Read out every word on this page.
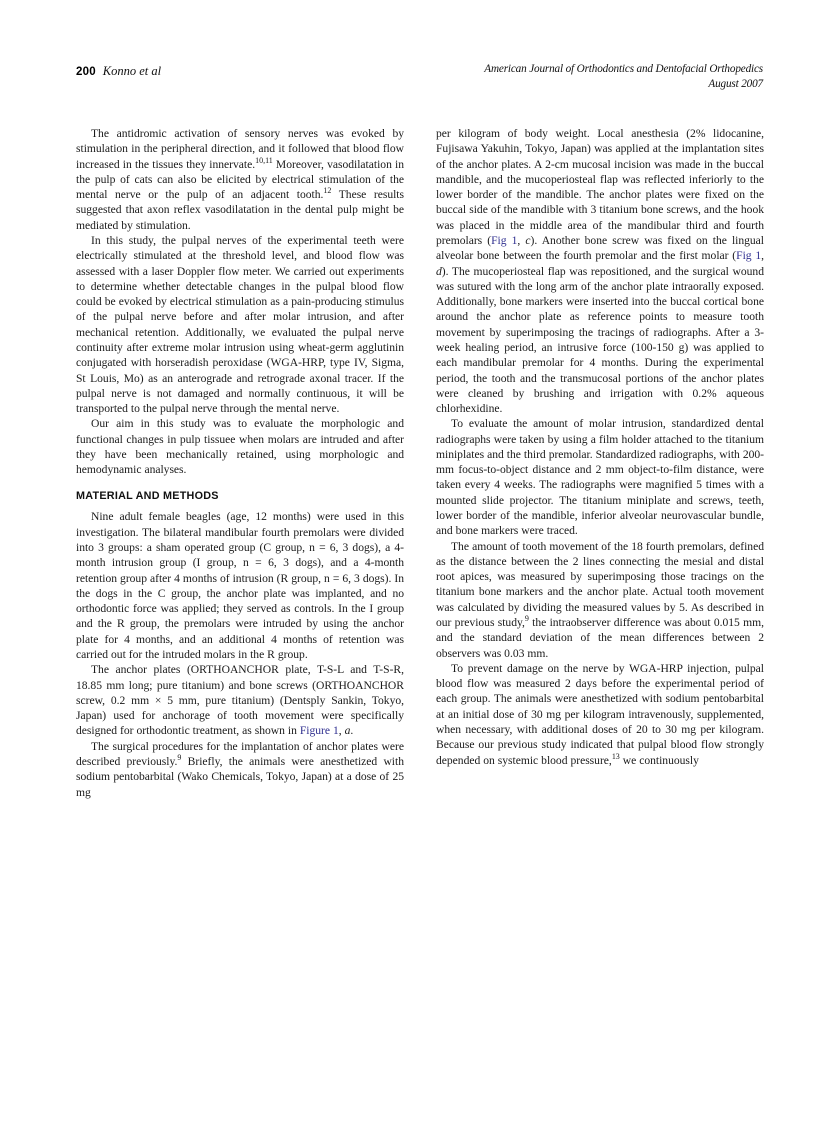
200 Konno et al	American Journal of Orthodontics and Dentofacial Orthopedics
August 2007

The antidromic activation of sensory nerves was evoked by stimulation in the peripheral direction, and it followed that blood flow increased in the tissues they innervate.$^{10,11}$ Moreover, vasodilatation in the pulp of cats can also be elicited by electrical stimulation of the mental nerve or the pulp of an adjacent tooth.$^{12}$ These results suggested that axon reflex vasodilatation in the dental pulp might be mediated by stimulation.

In this study, the pulpal nerves of the experimental teeth were electrically stimulated at the threshold level, and blood flow was assessed with a laser Doppler flow meter. We carried out experiments to determine whether detectable changes in the pulpal blood flow could be evoked by electrical stimulation as a pain-producing stimulus of the pulpal nerve before and after molar intrusion, and after mechanical retention. Additionally, we evaluated the pulpal nerve continuity after extreme molar intrusion using wheat-germ agglutinin conjugated with horseradish peroxidase (WGA-HRP, type IV, Sigma, St Louis, Mo) as an anterograde and retrograde axonal tracer. If the pulpal nerve is not damaged and normally continuous, it will be transported to the pulpal nerve through the mental nerve.

Our aim in this study was to evaluate the morphologic and functional changes in pulp tissuee when molars are intruded and after they have been mechanically retained, using morphologic and hemodynamic analyses.

MATERIAL AND METHODS

Nine adult female beagles (age, 12 months) were used in this investigation. The bilateral mandibular fourth premolars were divided into 3 groups: a sham operated group (C group, n = 6, 3 dogs), a 4-month intrusion group (I group, n = 6, 3 dogs), and a 4-month retention group after 4 months of intrusion (R group, n = 6, 3 dogs). In the dogs in the C group, the anchor plate was implanted, and no orthodontic force was applied; they served as controls. In the I group and the R group, the premolars were intruded by using the anchor plate for 4 months, and an additional 4 months of retention was carried out for the intruded molars in the R group.

The anchor plates (ORTHOANCHOR plate, T-S-L and T-S-R, 18.85 mm long; pure titanium) and bone screws (ORTHOANCHOR screw, 0.2 mm × 5 mm, pure titanium) (Dentsply Sankin, Tokyo, Japan) used for anchorage of tooth movement were specifically designed for orthodontic treatment, as shown in Figure 1, a.

The surgical procedures for the implantation of anchor plates were described previously.$^9$ Briefly, the animals were anesthetized with sodium pentobarbital (Wako Chemicals, Tokyo, Japan) at a dose of 25 mg

per kilogram of body weight. Local anesthesia (2% lidocanine, Fujisawa Yakuhin, Tokyo, Japan) was applied at the implantation sites of the anchor plates. A 2-cm mucosal incision was made in the buccal mandible, and the mucoperiosteal flap was reflected inferiorly to the lower border of the mandible. The anchor plates were fixed on the buccal side of the mandible with 3 titanium bone screws, and the hook was placed in the middle area of the mandibular third and fourth premolars (Fig 1, c). Another bone screw was fixed on the lingual alveolar bone between the fourth premolar and the first molar (Fig 1, d). The mucoperiosteal flap was repositioned, and the surgical wound was sutured with the long arm of the anchor plate intraorally exposed. Additionally, bone markers were inserted into the buccal cortical bone around the anchor plate as reference points to measure tooth movement by superimposing the tracings of radiographs. After a 3-week healing period, an intrusive force (100-150 g) was applied to each mandibular premolar for 4 months. During the experimental period, the tooth and the transmucosal portions of the anchor plates were cleaned by brushing and irrigation with 0.2% aqueous chlorhexidine.

To evaluate the amount of molar intrusion, standardized dental radiographs were taken by using a film holder attached to the titanium miniplates and the third premolar. Standardized radiographs, with 200-mm focus-to-object distance and 2 mm object-to-film distance, were taken every 4 weeks. The radiographs were magnified 5 times with a mounted slide projector. The titanium miniplate and screws, teeth, lower border of the mandible, inferior alveolar neurovascular bundle, and bone markers were traced.

The amount of tooth movement of the 18 fourth premolars, defined as the distance between the 2 lines connecting the mesial and distal root apices, was measured by superimposing those tracings on the titanium bone markers and the anchor plate. Actual tooth movement was calculated by dividing the measured values by 5. As described in our previous study,$^9$ the intraobserver difference was about 0.015 mm, and the standard deviation of the mean differences between 2 observers was 0.03 mm.

To prevent damage on the nerve by WGA-HRP injection, pulpal blood flow was measured 2 days before the experimental period of each group. The animals were anesthetized with sodium pentobarbital at an initial dose of 30 mg per kilogram intravenously, supplemented, when necessary, with additional doses of 20 to 30 mg per kilogram. Because our previous study indicated that pulpal blood flow strongly depended on systemic blood pressure,$^{13}$ we continuously
